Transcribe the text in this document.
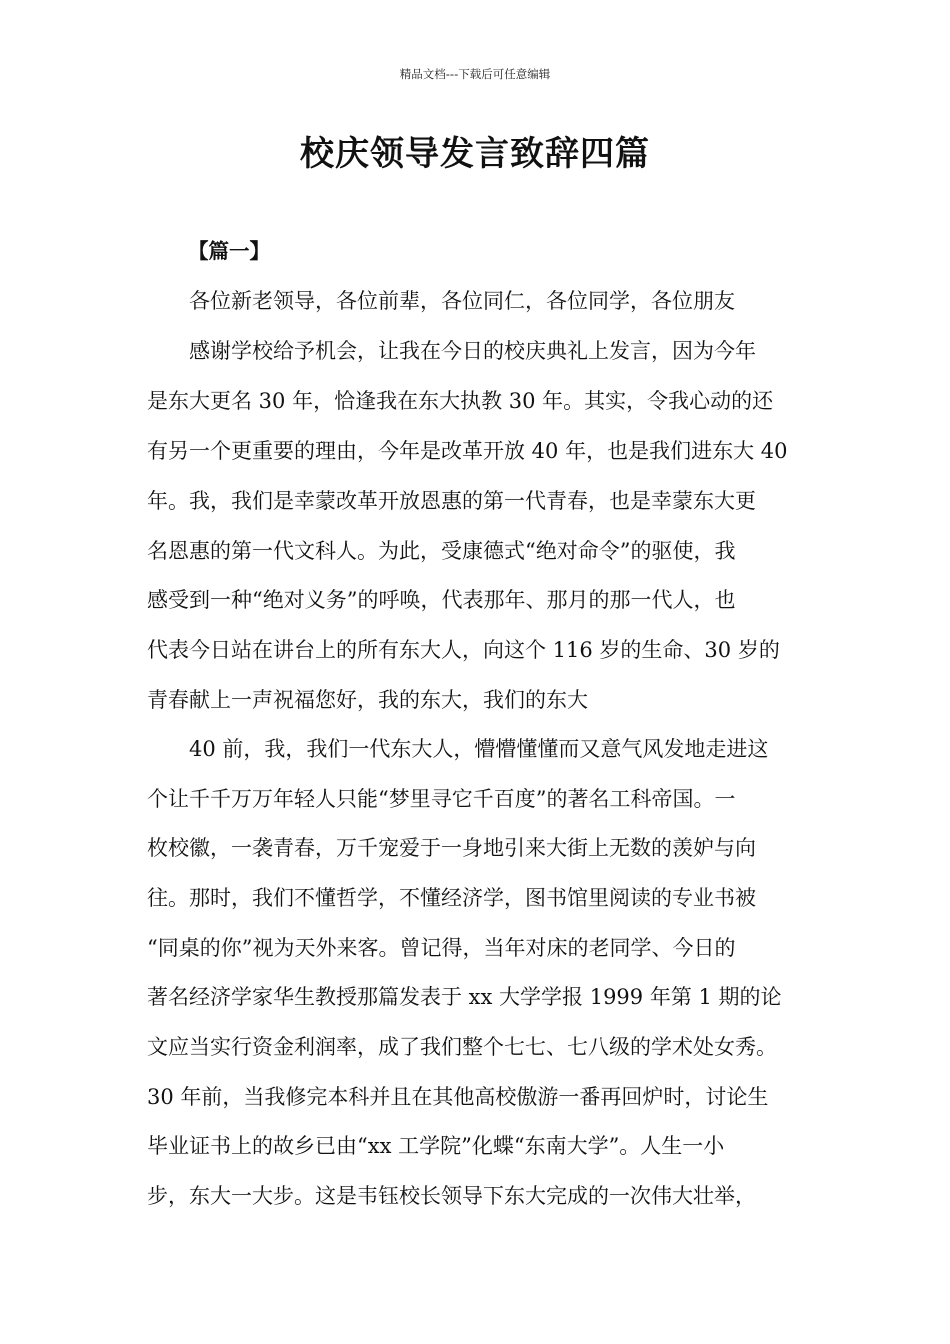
精品文档---下载后可任意编辑
校庆领导发言致辞四篇
【篇一】
各位新老领导，各位前辈，各位同仁，各位同学，各位朋友
感谢学校给予机会，让我在今日的校庆典礼上发言，因为今年
是东大更名 30 年，恰逢我在东大执教 30 年。其实，令我心动的还
有另一个更重要的理由，今年是改革开放 40 年，也是我们进东大 40
年。我，我们是幸蒙改革开放恩惠的第一代青春，也是幸蒙东大更
名恩惠的第一代文科人。为此，受康德式“绝对命令”的驱使，我
感受到一种“绝对义务”的呼唤，代表那年、那月的那一代人，也
代表今日站在讲台上的所有东大人，向这个 116 岁的生命、30 岁的
青春献上一声祝福您好，我的东大，我们的东大
40 前，我，我们一代东大人，懵懵懂懂而又意气风发地走进这
个让千千万万年轻人只能“梦里寻它千百度”的著名工科帝国。一
枚校徽，一袭青春，万千宠爱于一身地引来大街上无数的羡妒与向
往。那时，我们不懂哲学，不懂经济学，图书馆里阅读的专业书被
“同桌的你”视为天外来客。曾记得，当年对床的老同学、今日的
著名经济学家华生教授那篇发表于 xx 大学学报 1999 年第 1 期的论
文应当实行资金利润率，成了我们整个七七、七八级的学术处女秀。
30 年前，当我修完本科并且在其他高校傲游一番再回炉时，讨论生
毕业证书上的故乡已由“xx 工学院”化蝶“东南大学”。人生一小
步，东大一大步。这是韦钰校长领导下东大完成的一次伟大壮举，
